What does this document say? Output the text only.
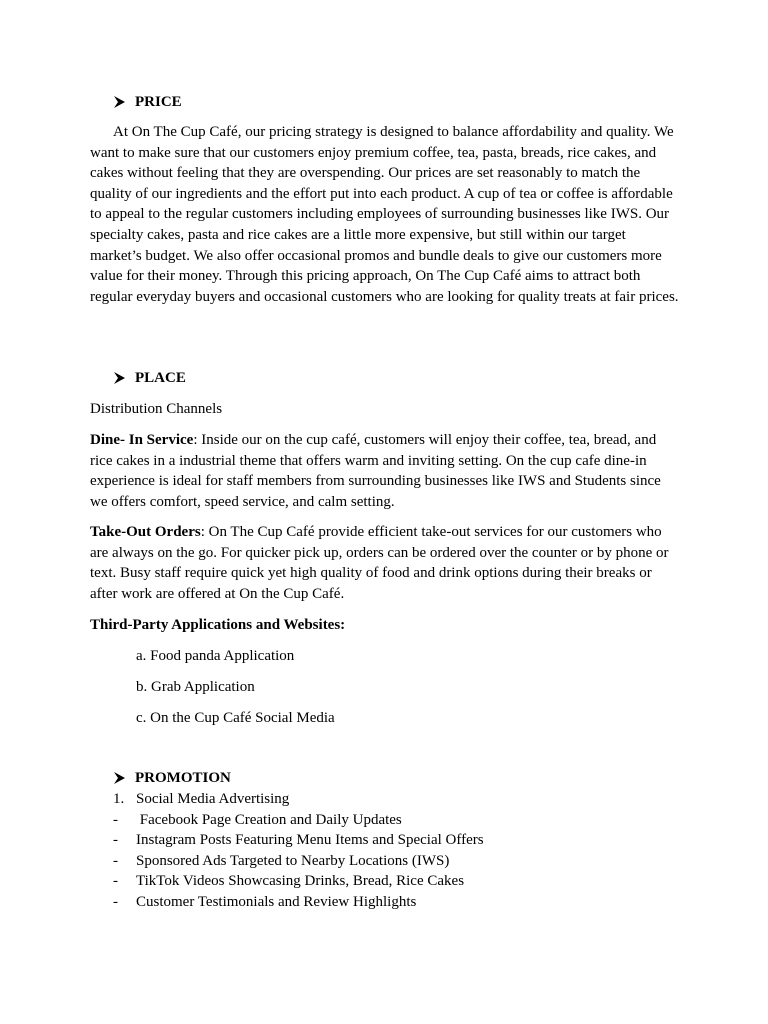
PRICE

At On The Cup Café, our pricing strategy is designed to balance affordability and quality. We want to make sure that our customers enjoy premium coffee, tea, pasta, breads, rice cakes, and cakes without feeling that they are overspending. Our prices are set reasonably to match the quality of our ingredients and the effort put into each product. A cup of tea or coffee is affordable to appeal to the regular customers including employees of surrounding businesses like IWS. Our specialty cakes, pasta and rice cakes are a little more expensive, but still within our target market’s budget. We also offer occasional promos and bundle deals to give our customers more value for their money. Through this pricing approach, On The Cup Café aims to attract both regular everyday buyers and occasional customers who are looking for quality treats at fair prices.

PLACE
Distribution Channels

Dine- In Service: Inside our on the cup café, customers will enjoy their coffee, tea, bread, and rice cakes in a industrial theme that offers warm and inviting setting. On the cup cafe dine-in experience is ideal for staff members from surrounding businesses like IWS and Students since we offers comfort, speed service, and calm setting.

Take-Out Orders: On The Cup Café provide efficient take-out services for our customers who are always on the go. For quicker pick up, orders can be ordered over the counter or by phone or text. Busy staff require quick yet high quality of food and drink options during their breaks or after work are offered at On the Cup Café.

Third-Party Applications and Websites:
a. Food panda Application
b. Grab Application
c. On the Cup Café Social Media
PROMOTION
1. Social Media Advertising
- Facebook Page Creation and Daily Updates
- Instagram Posts Featuring Menu Items and Special Offers
- Sponsored Ads Targeted to Nearby Locations (IWS)
- TikTok Videos Showcasing Drinks, Bread, Rice Cakes
- Customer Testimonials and Review Highlights
